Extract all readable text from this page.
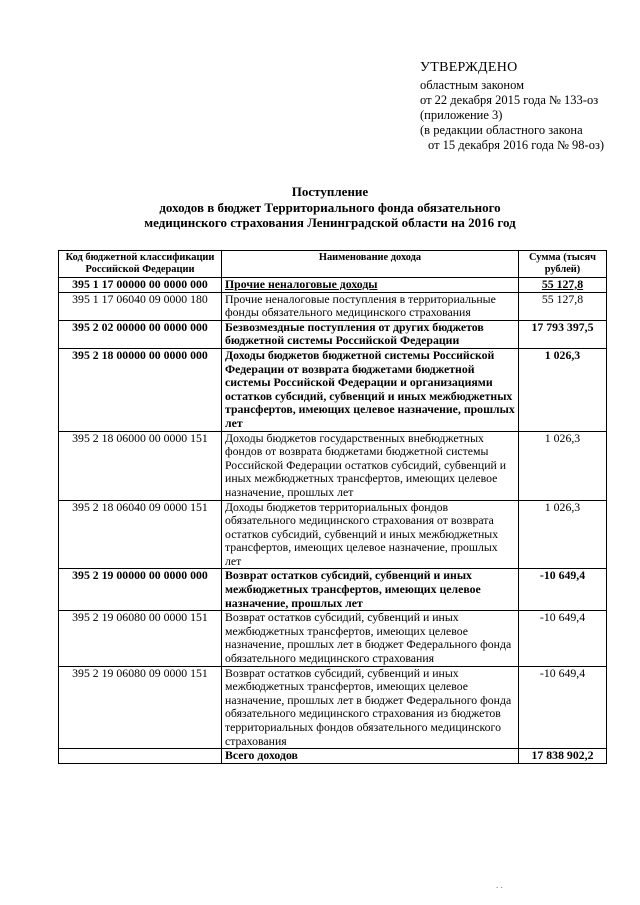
УТВЕРЖДЕНО
областным законом
от 22 декабря 2015 года № 133-оз
(приложение 3)
(в редакции областного закона
от 15 декабря 2016 года № 98-оз)
Поступление
доходов в бюджет Территориального фонда обязательного
медицинского страхования Ленинградской области на 2016 год
Код бюджетной классификации Российской Федерации	Наименование дохода	Сумма (тысяч рублей)
395 1 17 00000 00 0000 000	Прочие неналоговые доходы	55 127,8
395 1 17 06040 09 0000 180	Прочие неналоговые поступления в территориальные фонды обязательного медицинского страхования	55 127,8
395 2 02 00000 00 0000 000	Безвозмездные поступления от других бюджетов бюджетной системы Российской Федерации	17 793 397,5
395 2 18 00000 00 0000 000	Доходы бюджетов бюджетной системы Российской Федерации от возврата бюджетами бюджетной системы Российской Федерации и организациями остатков субсидий, субвенций и иных межбюджетных трансфертов, имеющих целевое назначение, прошлых лет	1 026,3
395 2 18 06000 00 0000 151	Доходы бюджетов государственных внебюджетных фондов от возврата бюджетами бюджетной системы Российской Федерации остатков субсидий, субвенций и иных межбюджетных трансфертов, имеющих целевое назначение, прошлых лет	1 026,3
395 2 18 06040 09 0000 151	Доходы бюджетов территориальных фондов обязательного медицинского страхования от возврата остатков субсидий, субвенций и иных межбюджетных трансфертов, имеющих целевое назначение, прошлых лет	1 026,3
395 2 19 00000 00 0000 000	Возврат остатков субсидий, субвенций и иных межбюджетных трансфертов, имеющих целевое назначение, прошлых лет	-10 649,4
395 2 19 06080 00 0000 151	Возврат остатков субсидий, субвенций и иных межбюджетных трансфертов, имеющих целевое назначение, прошлых лет в бюджет Федерального фонда обязательного медицинского страхования	-10 649,4
395 2 19 06080 09 0000 151	Возврат остатков субсидий, субвенций и иных межбюджетных трансфертов, имеющих целевое назначение, прошлых лет в бюджет Федерального фонда обязательного медицинского страхования из бюджетов территориальных фондов обязательного медицинского страхования	-10 649,4
	Всего доходов	17 838 902,2
. .
